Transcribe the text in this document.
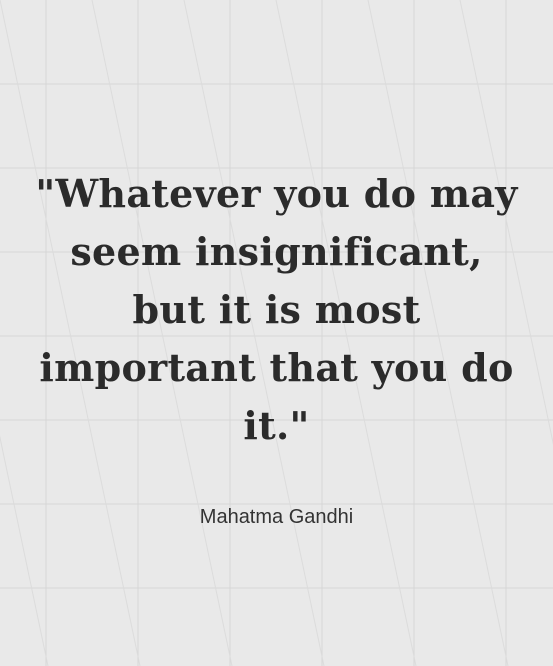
"Whatever you do may
seem insignificant,
but it is most
important that you do
it."

Mahatma Gandhi
